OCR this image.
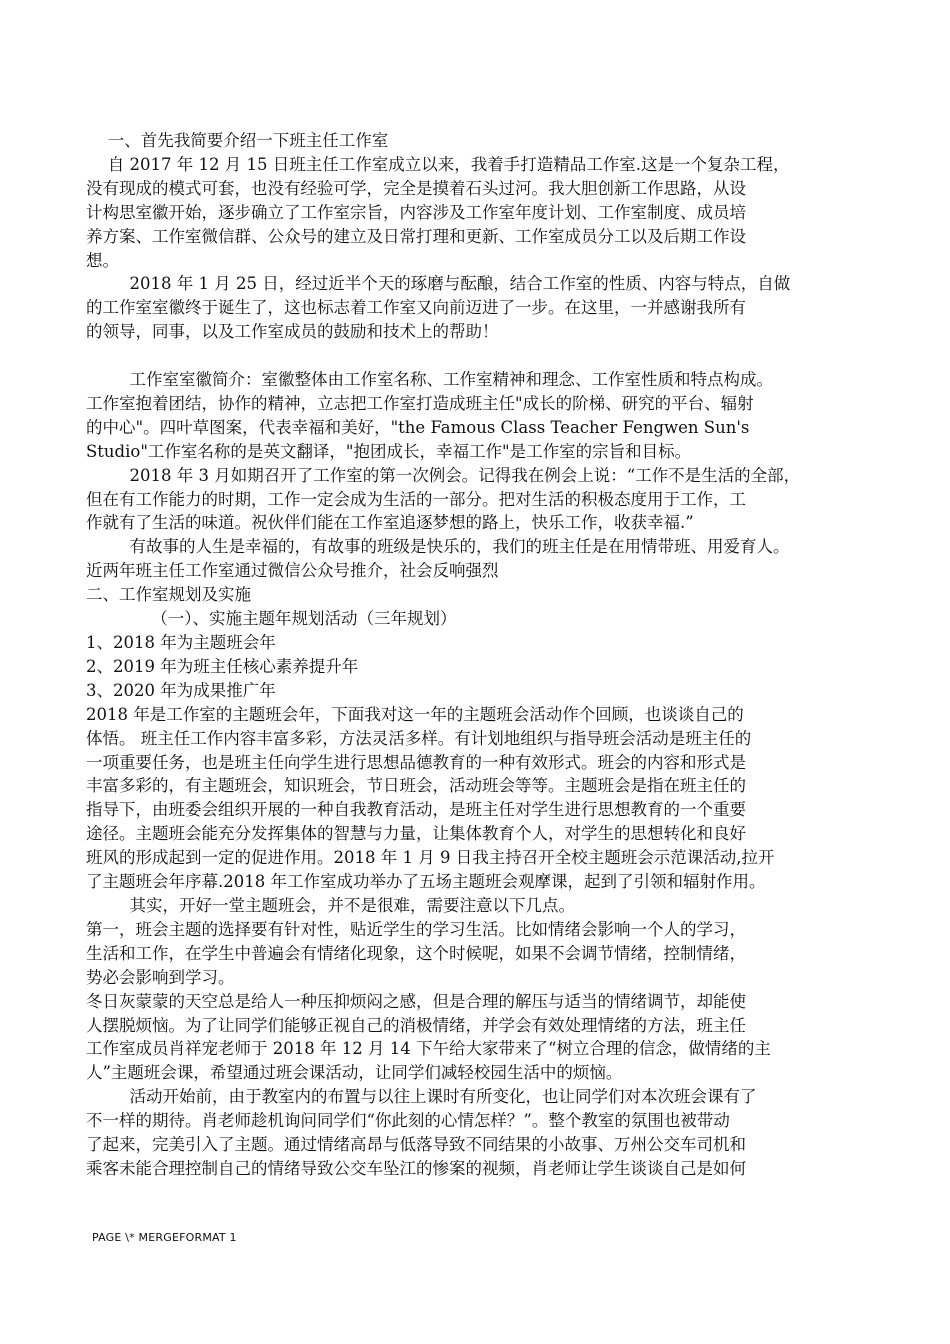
　 一、首先我简要介绍一下班主任工作室

　 自 2017 年 12 月 15 日班主任工作室成立以来，我着手打造精品工作室.这是一个复杂工程，

没有现成的模式可套，也没有经验可学，完全是摸着石头过河。我大胆创新工作思路，从设

计构思室徽开始，逐步确立了工作室宗旨，内容涉及工作室年度计划、工作室制度、成员培

养方案、工作室微信群、公众号的建立及日常打理和更新、工作室成员分工以及后期工作设

想。

　 　 2018 年 1 月 25 日，经过近半个天的琢磨与酝酿，结合工作室的性质、内容与特点，自做

的工作室室徽终于诞生了，这也标志着工作室又向前迈进了一步。在这里，一并感谢我所有

的领导，同事，以及工作室成员的鼓励和技术上的帮助！

　 　 工作室室徽简介：室徽整体由工作室名称、工作室精神和理念、工作室性质和特点构成。

工作室抱着团结，协作的精神，立志把工作室打造成班主任"成长的阶梯、研究的平台、辐射

的中心"。四叶草图案，代表幸福和美好，"the Famous Class Teacher Fengwen Sun's

Studio"工作室名称的是英文翻译，"抱团成长，幸福工作"是工作室的宗旨和目标。

　 　 2018 年 3 月如期召开了工作室的第一次例会。记得我在例会上说：“工作不是生活的全部，

但在有工作能力的时期，工作一定会成为生活的一部分。把对生活的积极态度用于工作，工

作就有了生活的味道。祝伙伴们能在工作室追逐梦想的路上，快乐工作，收获幸福.”

　 　 有故事的人生是幸福的，有故事的班级是快乐的，我们的班主任是在用情带班、用爱育人。

近两年班主任工作室通过微信公众号推介，社会反响强烈

二、工作室规划及实施

　 　 　 （一）、实施主题年规划活动（三年规划）

1、2018 年为主题班会年

2、2019 年为班主任核心素养提升年

3、2020 年为成果推广年

2018 年是工作室的主题班会年，下面我对这一年的主题班会活动作个回顾，也谈谈自己的

体悟。 班主任工作内容丰富多彩，方法灵活多样。有计划地组织与指导班会活动是班主任的

一项重要任务，也是班主任向学生进行思想品德教育的一种有效形式。班会的内容和形式是

丰富多彩的，有主题班会，知识班会，节日班会，活动班会等等。主题班会是指在班主任的

指导下，由班委会组织开展的一种自我教育活动，是班主任对学生进行思想教育的一个重要

途径。主题班会能充分发挥集体的智慧与力量，让集体教育个人，对学生的思想转化和良好

班风的形成起到一定的促进作用。2018 年 1 月 9 日我主持召开全校主题班会示范课活动,拉开

了主题班会年序幕.2018 年工作室成功举办了五场主题班会观摩课，起到了引领和辐射作用。

　 　 其实，开好一堂主题班会，并不是很难，需要注意以下几点。

第一，班会主题的选择要有针对性，贴近学生的学习生活。比如情绪会影响一个人的学习，

生活和工作，在学生中普遍会有情绪化现象，这个时候呢，如果不会调节情绪，控制情绪，

势必会影响到学习。

冬日灰蒙蒙的天空总是给人一种压抑烦闷之感，但是合理的解压与适当的情绪调节，却能使

人摆脱烦恼。为了让同学们能够正视自己的消极情绪，并学会有效处理情绪的方法，班主任

工作室成员肖祥宠老师于 2018 年 12 月 14 下午给大家带来了“树立合理的信念，做情绪的主

人”主题班会课，希望通过班会课活动，让同学们减轻校园生活中的烦恼。

　 　 活动开始前，由于教室内的布置与以往上课时有所变化，也让同学们对本次班会课有了

不一样的期待。肖老师趁机询问同学们“你此刻的心情怎样？”。整个教室的氛围也被带动

了起来，完美引入了主题。通过情绪高昂与低落导致不同结果的小故事、万州公交车司机和

乘客未能合理控制自己的情绪导致公交车坠江的惨案的视频，肖老师让学生谈谈自己是如何

PAGE \* MERGEFORMAT 1
